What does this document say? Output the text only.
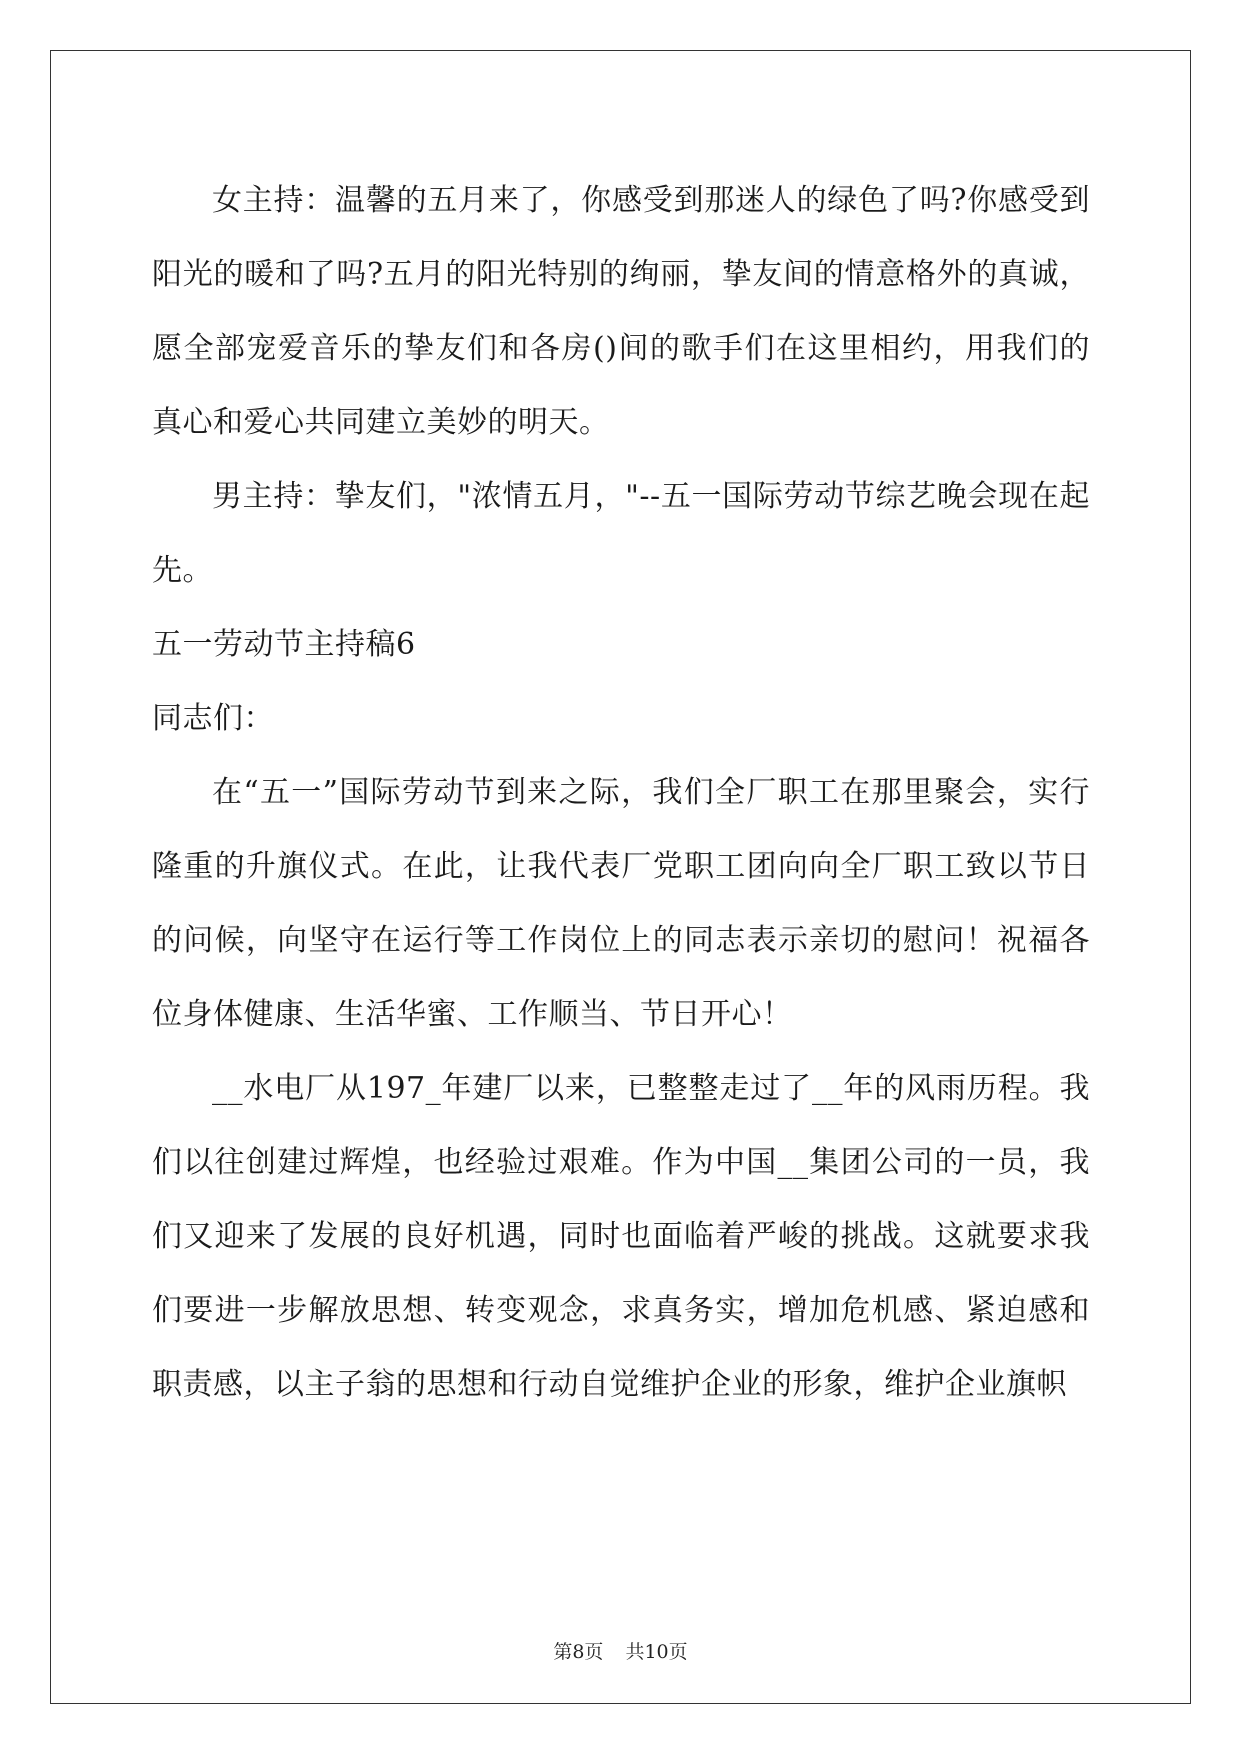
女主持：温馨的五月来了，你感受到那迷人的绿色了吗?你感受到阳光的暖和了吗?五月的阳光特别的绚丽，挚友间的情意格外的真诚，愿全部宠爱音乐的挚友们和各房()间的歌手们在这里相约，用我们的真心和爱心共同建立美妙的明天。

男主持：挚友们，"浓情五月，"--五一国际劳动节综艺晚会现在起先。

五一劳动节主持稿6

同志们：

在“五一”国际劳动节到来之际，我们全厂职工在那里聚会，实行隆重的升旗仪式。在此，让我代表厂党职工团向向全厂职工致以节日的问候，向坚守在运行等工作岗位上的同志表示亲切的慰问！祝福各位身体健康、生活华蜜、工作顺当、节日开心！

__水电厂从197_年建厂以来，已整整走过了__年的风雨历程。我们以往创建过辉煌，也经验过艰难。作为中国__集团公司的一员，我们又迎来了发展的良好机遇，同时也面临着严峻的挑战。这就要求我们要进一步解放思想、转变观念，求真务实，增加危机感、紧迫感和职责感，以主子翁的思想和行动自觉维护企业的形象，维护企业旗帜

第8页 共10页
